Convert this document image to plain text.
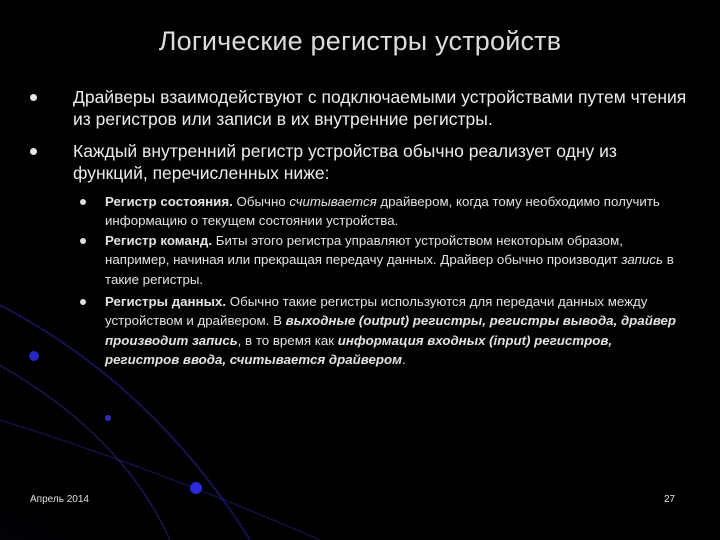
Логические регистры устройств
Драйверы взаимодействуют с подключаемыми устройствами путем чтения из регистров или записи в их внутренние регистры.
Каждый внутренний регистр устройства обычно реализует одну из функций, перечисленных ниже:
Регистр состояния. Обычно считывается драйвером, когда тому необходимо получить информацию о текущем состоянии устройства.
Регистр команд. Биты этого регистра управляют устройством некоторым образом, например, начиная или прекращая передачу данных. Драйвер обычно производит запись в такие регистры.
Регистры данных. Обычно такие регистры используются для передачи данных между устройством и драйвером. В выходные (output) регистры, регистры вывода, драйвер производит запись, в то время как информация входных (input) регистров, регистров ввода, считывается драйвером.
Апрель 2014	27
